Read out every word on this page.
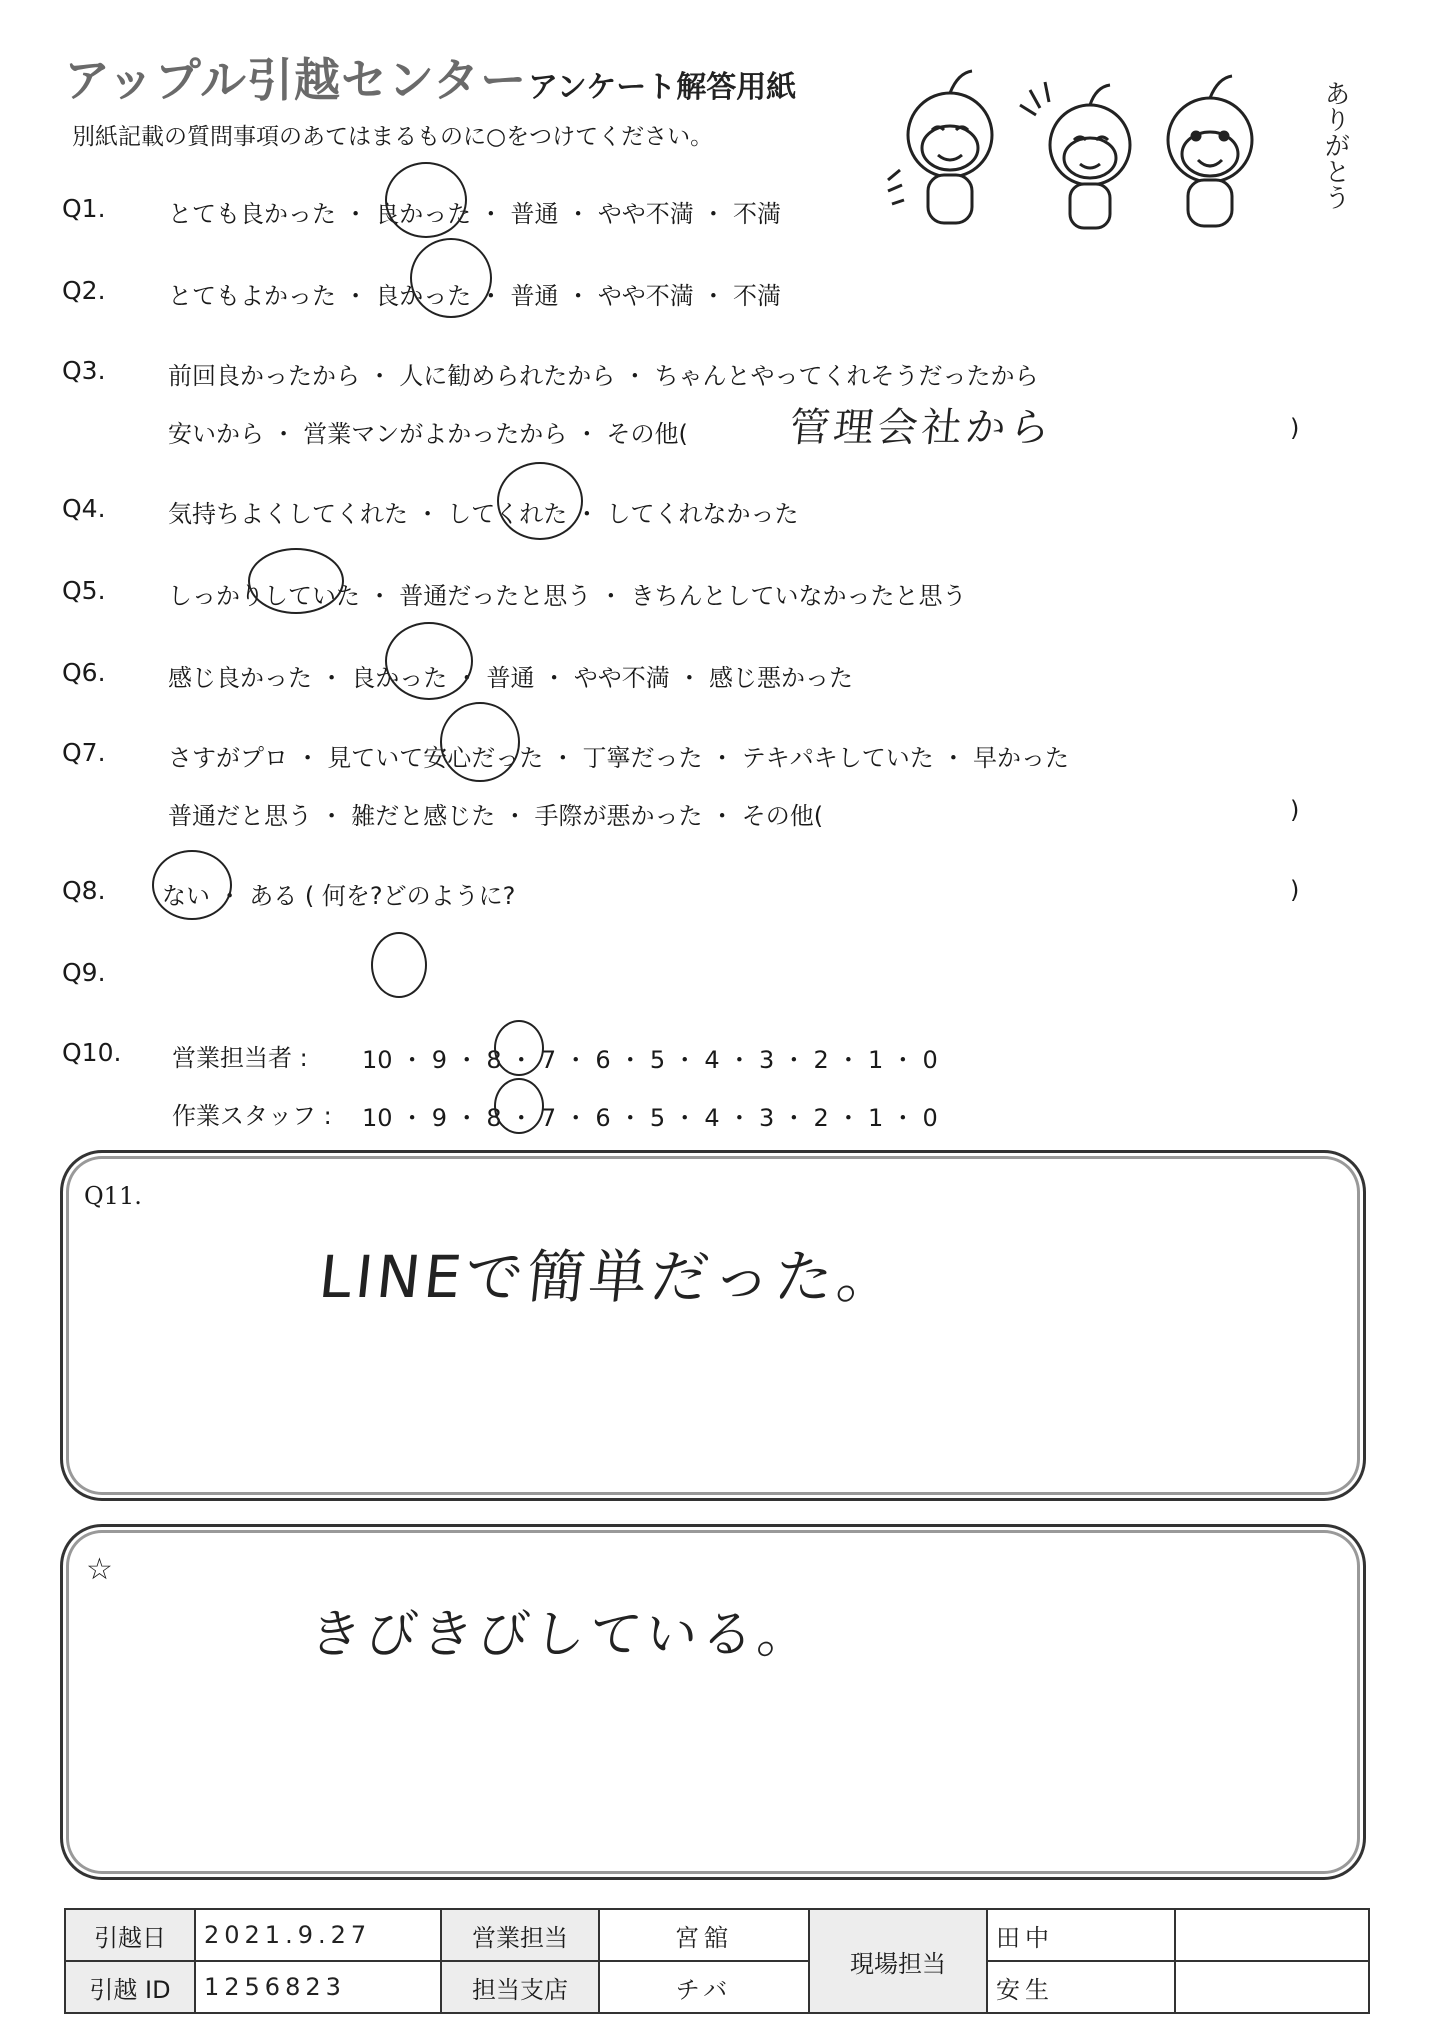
アップル引越センター アンケート解答用紙
別紙記載の質問事項のあてはまるものに○をつけてください。	ありがとう
Q1.	とても良かった ・ 良かった ・ 普通 ・ やや不満 ・ 不満
Q2.	とてもよかった ・ 良かった ・ 普通 ・ やや不満 ・ 不満
Q3.	前回良かったから ・ 人に勧められたから ・ ちゃんとやってくれそうだったから
安いから ・ 営業マンがよかったから ・ その他( 管理会社から	)
Q4.	気持ちよくしてくれた ・ してくれた ・ してくれなかった
Q5.	しっかりしていた ・ 普通だったと思う ・ きちんとしていなかったと思う
Q6.	感じ良かった ・ 良かった ・ 普通 ・ やや不満 ・ 感じ悪かった
Q7.	さすがプロ ・ 見ていて安心だった ・ 丁寧だった ・ テキパキしていた ・ 早かった
普通だと思う ・ 雑だと感じた ・ 手際が悪かった ・ その他(	)
Q8. ない ・ ある ( 何を?どのように?	)
Q9.
Q10. 営業担当者 : 10 ・ 9 ・ 8 ・ 7 ・ 6 ・ 5 ・ 4 ・ 3 ・ 2 ・ 1 ・ 0
作業スタッフ : 10 ・ 9 ・ 8 ・ 7 ・ 6 ・ 5 ・ 4 ・ 3 ・ 2 ・ 1 ・ 0
Q11.
LINEで簡単だった。
☆
きびきびしている。
引越日	2021.9.27	営業担当	宮舘	現場担当	田中	
引越 ID	1256823	担当支店	チバ		安生	
